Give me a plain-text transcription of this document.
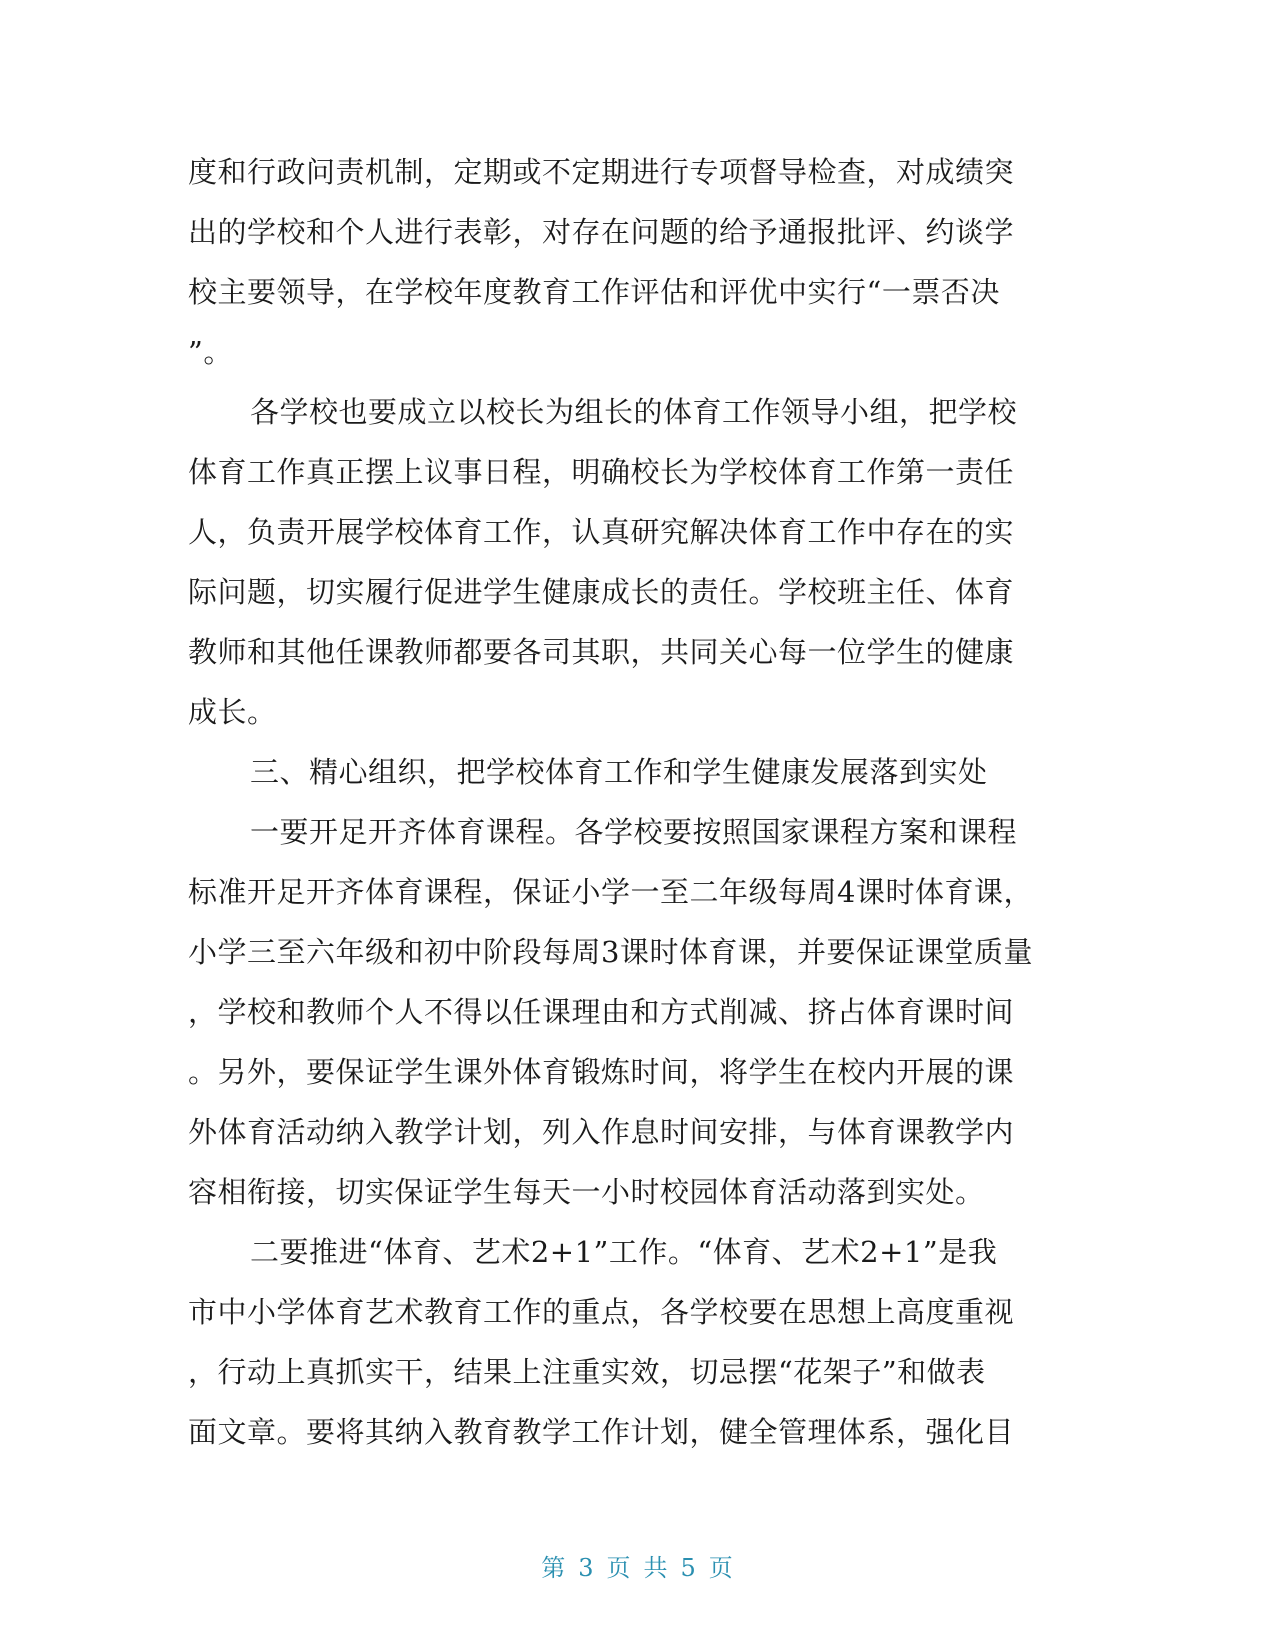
度和行政问责机制，定期或不定期进行专项督导检查，对成绩突
出的学校和个人进行表彰，对存在问题的给予通报批评、约谈学
校主要领导，在学校年度教育工作评估和评优中实行“一票否决
”。
各学校也要成立以校长为组长的体育工作领导小组，把学校
体育工作真正摆上议事日程，明确校长为学校体育工作第一责任
人，负责开展学校体育工作，认真研究解决体育工作中存在的实
际问题，切实履行促进学生健康成长的责任。学校班主任、体育
教师和其他任课教师都要各司其职，共同关心每一位学生的健康
成长。
三、精心组织，把学校体育工作和学生健康发展落到实处
一要开足开齐体育课程。各学校要按照国家课程方案和课程
标准开足开齐体育课程，保证小学一至二年级每周4课时体育课，
小学三至六年级和初中阶段每周3课时体育课，并要保证课堂质量
，学校和教师个人不得以任课理由和方式削减、挤占体育课时间
。另外，要保证学生课外体育锻炼时间，将学生在校内开展的课
外体育活动纳入教学计划，列入作息时间安排，与体育课教学内
容相衔接，切实保证学生每天一小时校园体育活动落到实处。
二要推进“体育、艺术2+1”工作。“体育、艺术2+1”是我
市中小学体育艺术教育工作的重点，各学校要在思想上高度重视
，行动上真抓实干，结果上注重实效，切忌摆“花架子”和做表
面文章。要将其纳入教育教学工作计划，健全管理体系，强化目
第 3 页 共 5 页
